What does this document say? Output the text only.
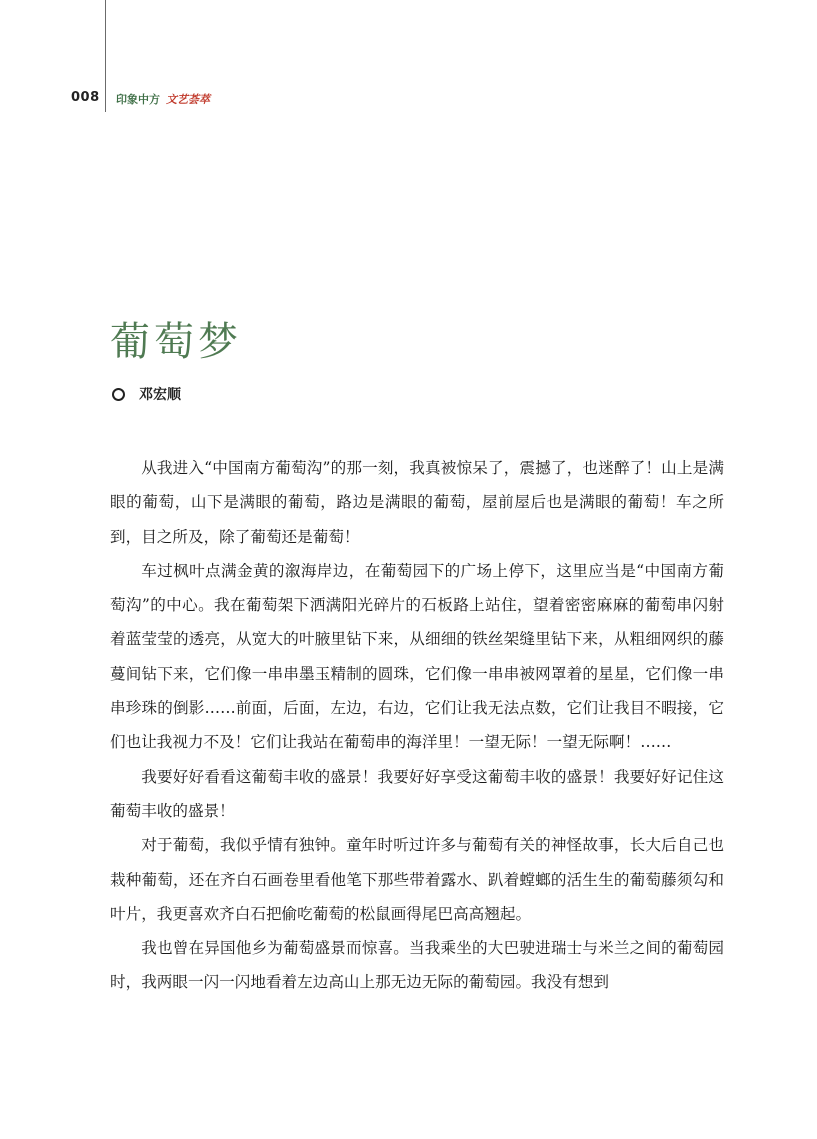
008 印象中方 文艺荟萃
葡萄梦
邓宏顺

从我进入“中国南方葡萄沟”的那一刻，我真被惊呆了，震撼了，也迷醉了！山上是满眼的葡萄，山下是满眼的葡萄，路边是满眼的葡萄，屋前屋后也是满眼的葡萄！车之所到，目之所及，除了葡萄还是葡萄！

车过枫叶点满金黄的溆海岸边，在葡萄园下的广场上停下，这里应当是“中国南方葡萄沟”的中心。我在葡萄架下洒满阳光碎片的石板路上站住，望着密密麻麻的葡萄串闪射着蓝莹莹的透亮，从宽大的叶腋里钻下来，从细细的铁丝架缝里钻下来，从粗细网织的藤蔓间钻下来，它们像一串串墨玉精制的圆珠，它们像一串串被网罩着的星星，它们像一串串珍珠的倒影……前面，后面，左边，右边，它们让我无法点数，它们让我目不暇接，它们也让我视力不及！它们让我站在葡萄串的海洋里！一望无际！一望无际啊！……

我要好好看看这葡萄丰收的盛景！我要好好享受这葡萄丰收的盛景！我要好好记住这葡萄丰收的盛景！

对于葡萄，我似乎情有独钟。童年时听过许多与葡萄有关的神怪故事，长大后自己也栽种葡萄，还在齐白石画卷里看他笔下那些带着露水、趴着螳螂的活生生的葡萄藤须勾和叶片，我更喜欢齐白石把偷吃葡萄的松鼠画得尾巴高高翘起。

我也曾在异国他乡为葡萄盛景而惊喜。当我乘坐的大巴驶进瑞士与米兰之间的葡萄园时，我两眼一闪一闪地看着左边高山上那无边无际的葡萄园。我没有想到
